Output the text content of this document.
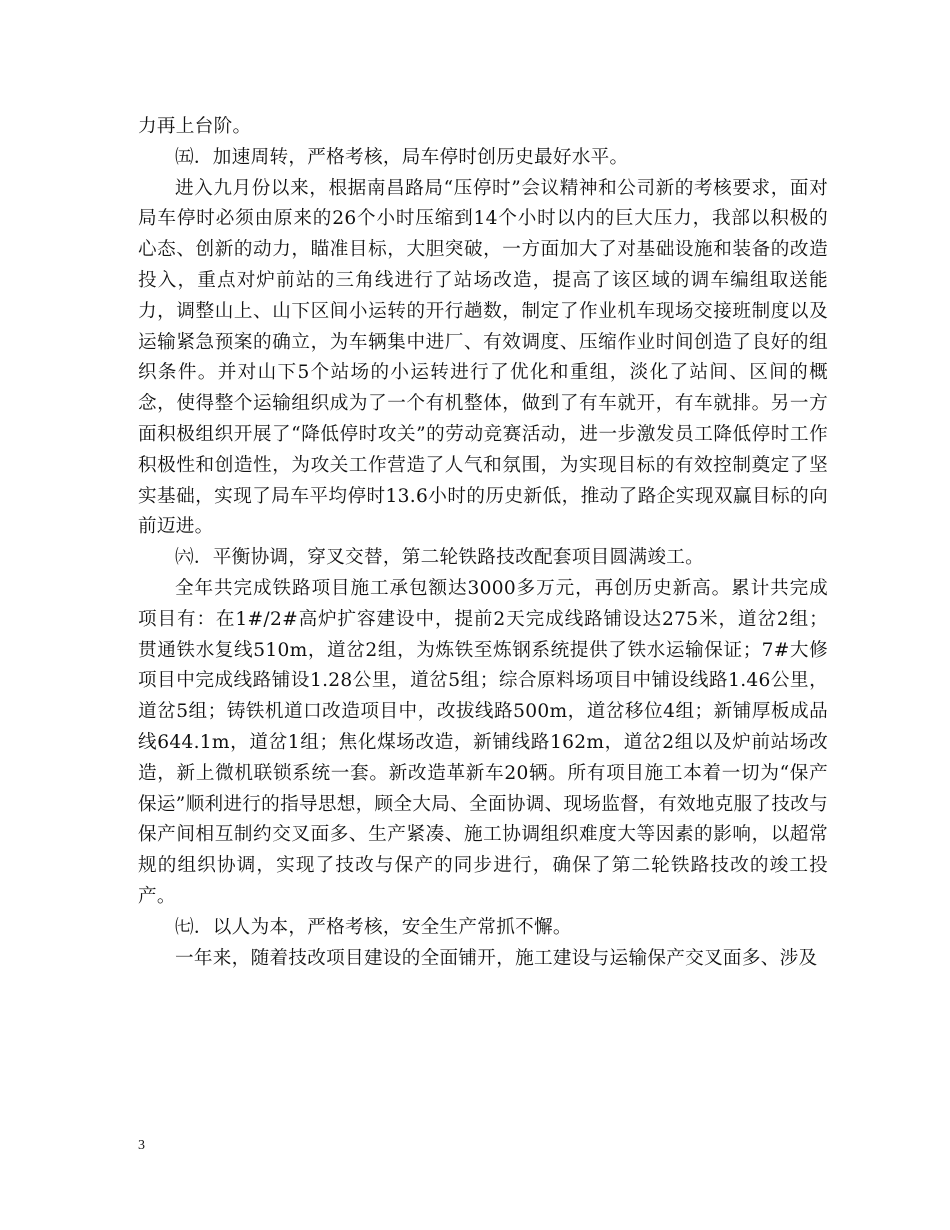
力再上台阶。

㈤．加速周转，严格考核，局车停时创历史最好水平。

进入九月份以来，根据南昌路局“压停时”会议精神和公司新的考核要求，面对局车停时必须由原来的26个小时压缩到14个小时以内的巨大压力，我部以积极的心态、创新的动力，瞄准目标，大胆突破，一方面加大了对基础设施和装备的改造投入，重点对炉前站的三角线进行了站场改造，提高了该区域的调车编组取送能力，调整山上、山下区间小运转的开行趟数，制定了作业机车现场交接班制度以及运输紧急预案的确立，为车辆集中进厂、有效调度、压缩作业时间创造了良好的组织条件。并对山下5个站场的小运转进行了优化和重组，淡化了站间、区间的概念，使得整个运输组织成为了一个有机整体，做到了有车就开，有车就排。另一方面积极组织开展了“降低停时攻关”的劳动竞赛活动，进一步激发员工降低停时工作积极性和创造性，为攻关工作营造了人气和氛围，为实现目标的有效控制奠定了坚实基础，实现了局车平均停时13.6小时的历史新低，推动了路企实现双赢目标的向前迈进。

㈥．平衡协调，穿叉交替，第二轮铁路技改配套项目圆满竣工。

全年共完成铁路项目施工承包额达3000多万元，再创历史新高。累计共完成项目有：在1#/2#高炉扩容建设中，提前2天完成线路铺设达275米，道岔2组；贯通铁水复线510m，道岔2组，为炼铁至炼钢系统提供了铁水运输保证；7#大修项目中完成线路铺设1.28公里，道岔5组；综合原料场项目中铺设线路1.46公里，道岔5组；铸铁机道口改造项目中，改拔线路500m，道岔移位4组；新铺厚板成品线644.1m，道岔1组；焦化煤场改造，新铺线路162m，道岔2组以及炉前站场改造，新上微机联锁系统一套。新改造革新车20辆。所有项目施工本着一切为“保产保运”顺利进行的指导思想，顾全大局、全面协调、现场监督，有效地克服了技改与保产间相互制约交叉面多、生产紧凑、施工协调组织难度大等因素的影响，以超常规的组织协调，实现了技改与保产的同步进行，确保了第二轮铁路技改的竣工投产。

㈦．以人为本，严格考核，安全生产常抓不懈。

一年来，随着技改项目建设的全面铺开，施工建设与运输保产交叉面多、涉及

3
